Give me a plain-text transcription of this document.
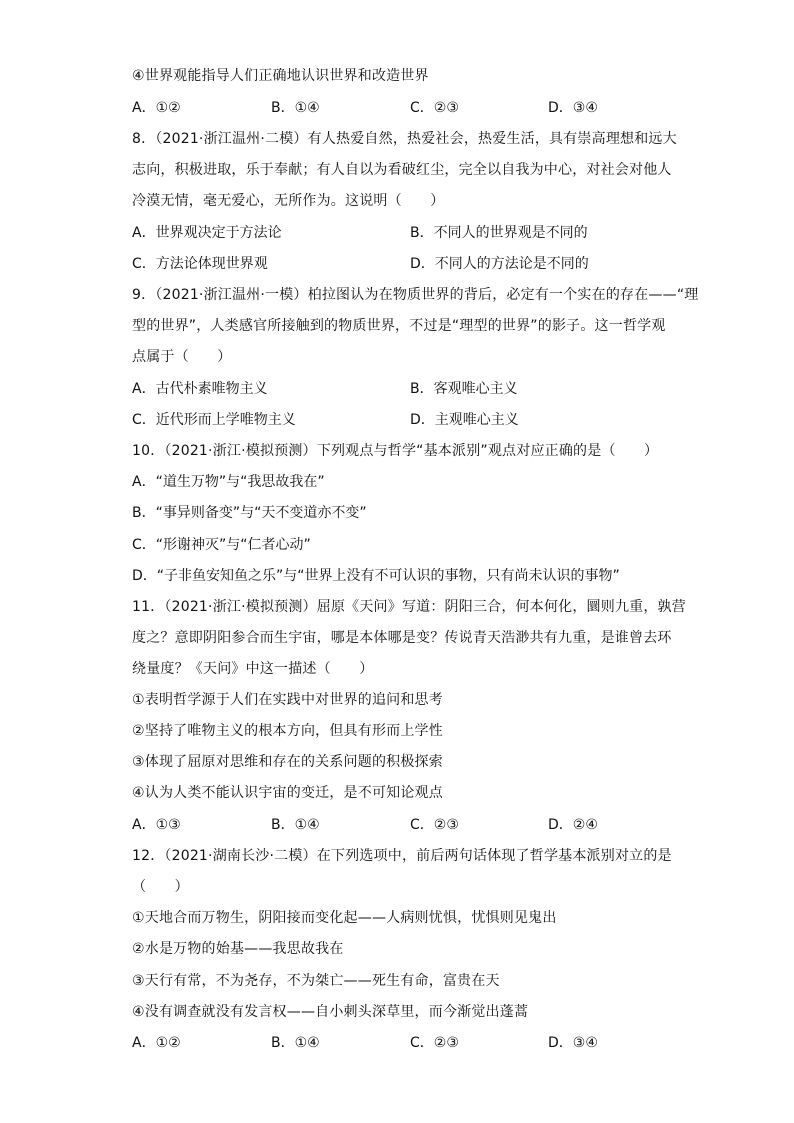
④世界观能指导人们正确地认识世界和改造世界
A．①②	B．①④	C．②③	D．③④
8．（2021·浙江温州·二模）有人热爱自然，热爱社会，热爱生活，具有崇高理想和远大
志向，积极进取，乐于奉献；有人自以为看破红尘，完全以自我为中心，对社会对他人
冷漠无情，毫无爱心，无所作为。这说明（　　）
A．世界观决定于方法论	B．不同人的世界观是不同的
C．方法论体现世界观	D．不同人的方法论是不同的
9．（2021·浙江温州·一模）柏拉图认为在物质世界的背后，必定有一个实在的存在——“理
型的世界”，人类感官所接触到的物质世界，不过是“理型的世界”的影子。这一哲学观
点属于（　　）
A．古代朴素唯物主义	B．客观唯心主义
C．近代形而上学唯物主义	D．主观唯心主义
10．（2021·浙江·模拟预测）下列观点与哲学“基本派别”观点对应正确的是（　　）
A．“道生万物”与“我思故我在”
B．“事异则备变”与“天不变道亦不变”
C．“形谢神灭”与“仁者心动”
D．“子非鱼安知鱼之乐”与“世界上没有不可认识的事物，只有尚未认识的事物”
11．（2021·浙江·模拟预测）屈原《天问》写道：阴阳三合，何本何化，圜则九重，孰营
度之？意即阴阳参合而生宇宙，哪是本体哪是变？传说青天浩渺共有九重，是谁曾去环
绕量度？《天问》中这一描述（　　）
①表明哲学源于人们在实践中对世界的追问和思考
②坚持了唯物主义的根本方向，但具有形而上学性
③体现了屈原对思维和存在的关系问题的积极探索
④认为人类不能认识宇宙的变迁，是不可知论观点
A．①③	B．①④	C．②③	D．②④
12．（2021·湖南长沙·二模）在下列选项中，前后两句话体现了哲学基本派别对立的是
（　　）
①天地合而万物生，阴阳接而变化起——人病则忧惧，忧惧则见鬼出
②水是万物的始基——我思故我在
③天行有常，不为尧存，不为桀亡——死生有命，富贵在天
④没有调查就没有发言权——自小刺头深草里，而今渐觉出蓬蒿
A．①②	B．①④	C．②③	D．③④
